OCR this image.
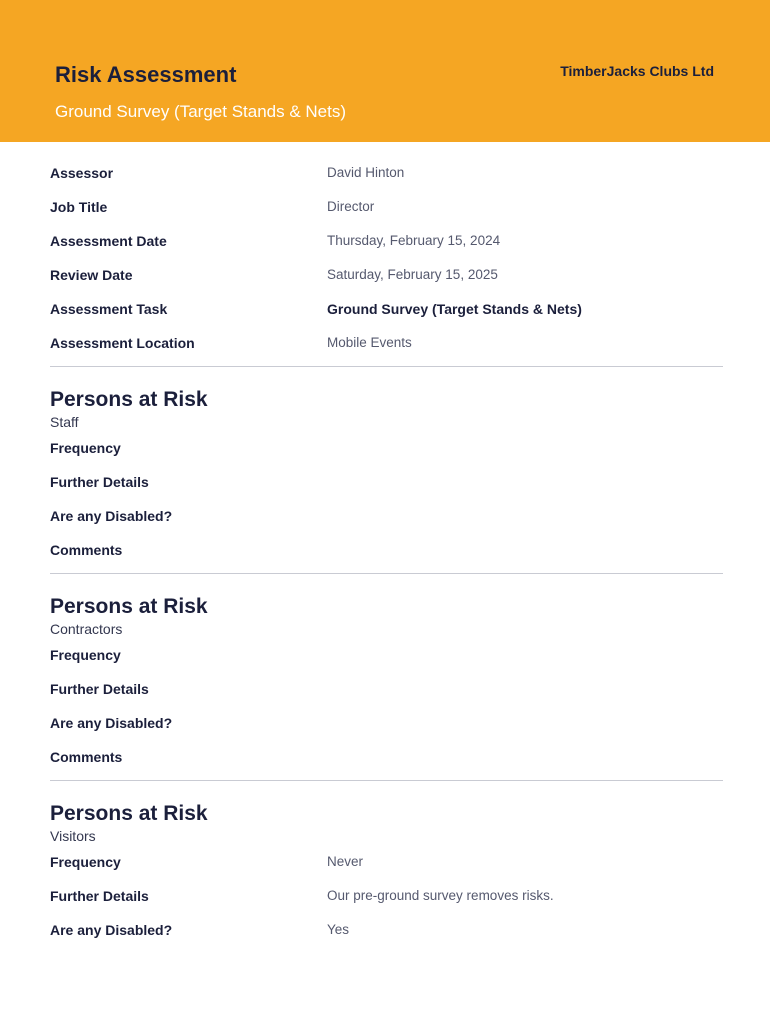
Risk Assessment
Ground Survey (Target Stands & Nets)
TimberJacks Clubs Ltd
Assessor	David Hinton
Job Title	Director
Assessment Date	Thursday, February 15, 2024
Review Date	Saturday, February 15, 2025
Assessment Task	Ground Survey (Target Stands & Nets)
Assessment Location	Mobile Events
Persons at Risk
Staff
Frequency
Further Details
Are any Disabled?
Comments
Persons at Risk
Contractors
Frequency
Further Details
Are any Disabled?
Comments
Persons at Risk
Visitors
Frequency	Never
Further Details	Our pre-ground survey removes risks.
Are any Disabled?	Yes
